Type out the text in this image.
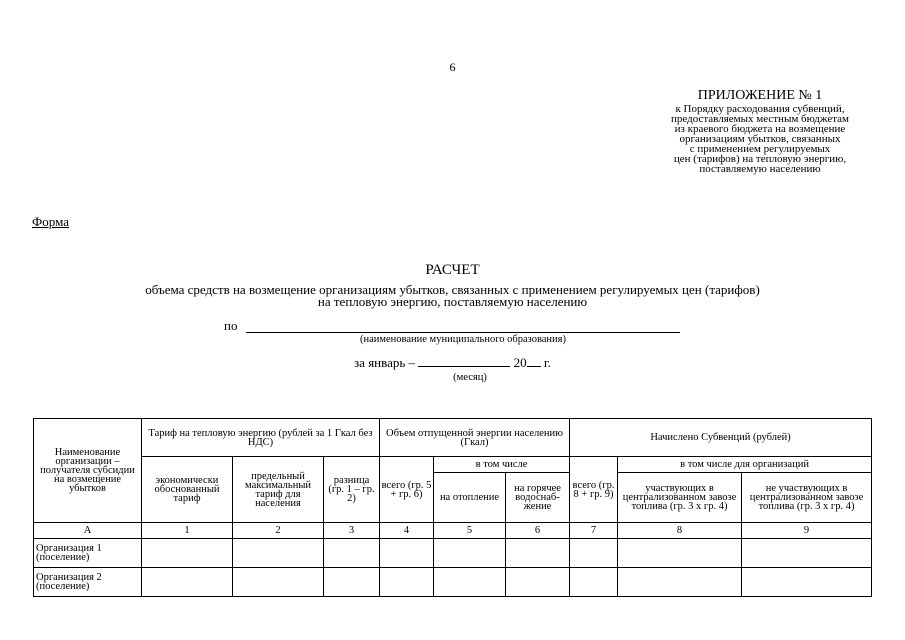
6
ПРИЛОЖЕНИЕ № 1
к Порядку расходования субвенций,
предоставляемых местным бюджетам
из краевого бюджета на возмещение
организациям убытков, связанных
с применением регулируемых
цен (тарифов) на тепловую энергию,
поставляемую населению
Форма
РАСЧЕТ
объема средств на возмещение организациям убытков, связанных с применением регулируемых цен (тарифов)
на тепловую энергию, поставляемую населению
по
(наименование муниципального образования)
за январь –	20 г.
(месяц)
Наименование организации – получателя субсидии на возмещение убытков	Тариф на тепловую энергию (рублей за 1 Гкал без НДС)			Объем отпущенной энергии населению (Гкал)			Начислено Субвенций (рублей)		
	экономически обоснованный тариф	предельный максимальный тариф для населения	разница (гр. 1 – гр. 2)	всего (гр. 5 + гр. 6)	в том числе		всего (гр. 8 + гр. 9)	в том числе для организаций	
					на отопление	на горячее водоснаб-жение		участвующих в централизованном завозе топлива (гр. 3 x гр. 4)	не участвующих в централизованном завозе топлива (гр. 3 x гр. 4)
А	1	2	3	4	5	6	7	8	9
Организация 1 (поселение)									
Организация 2 (поселение)									
